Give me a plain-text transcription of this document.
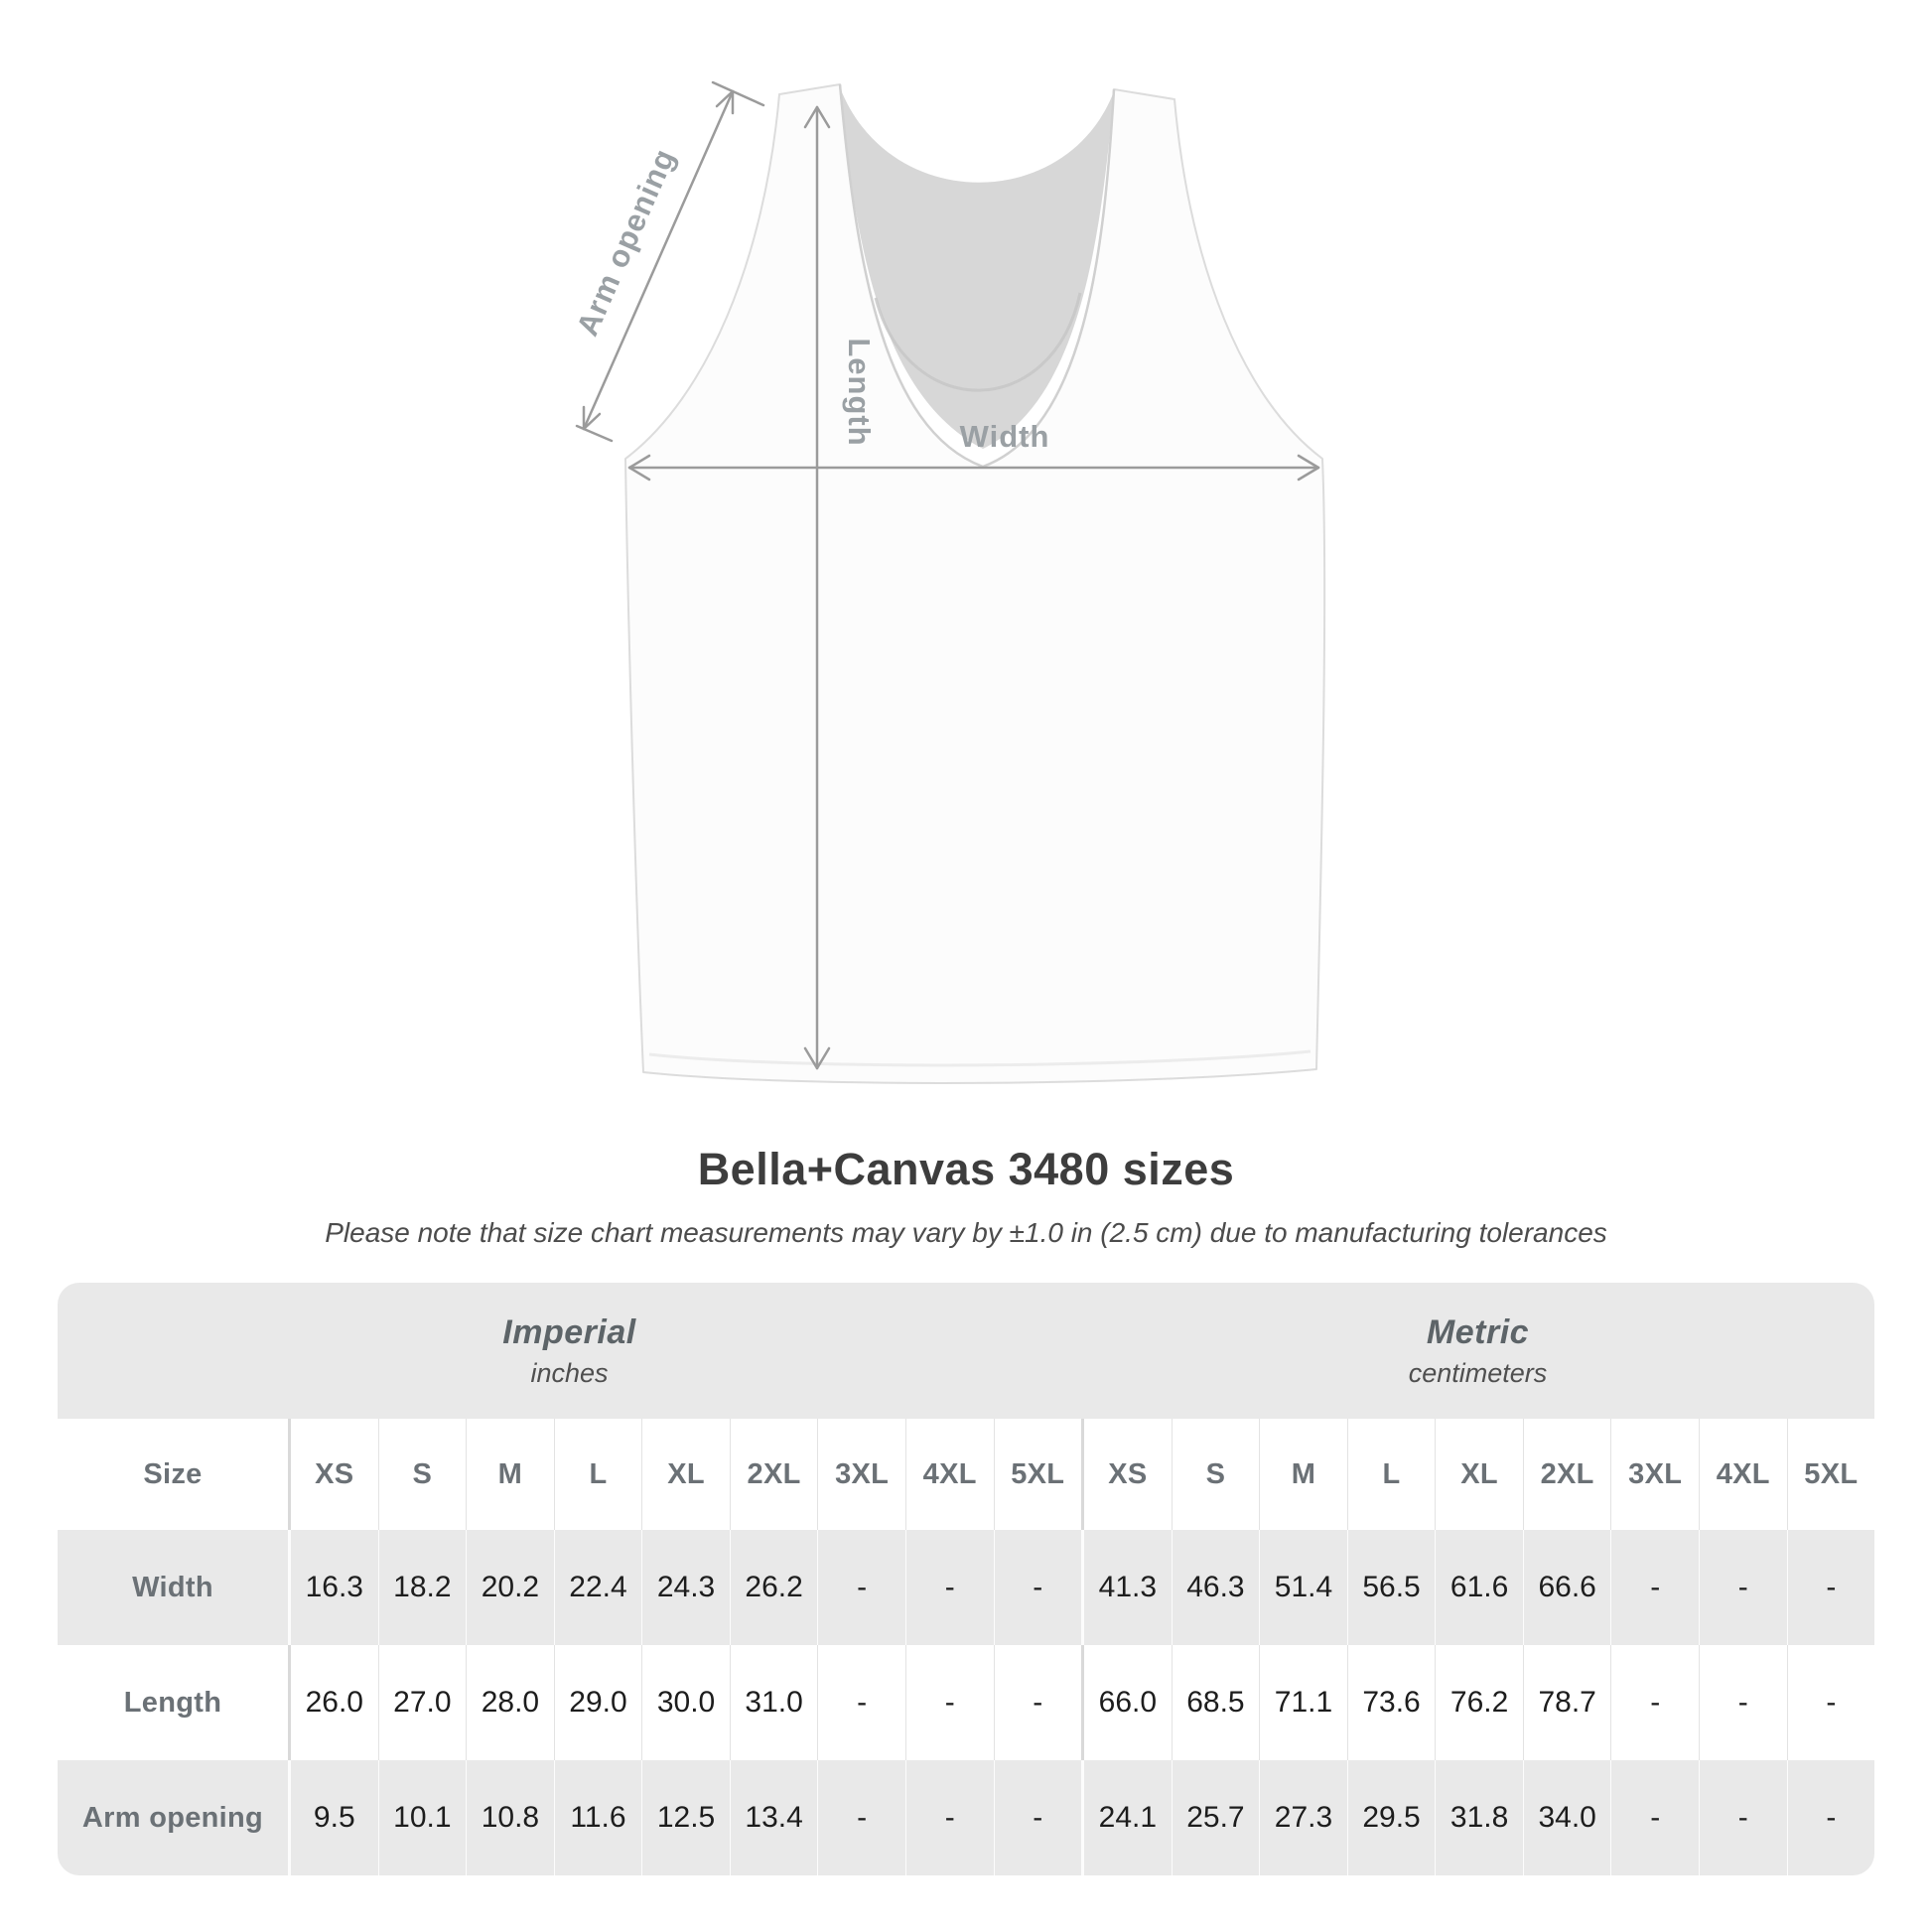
Arm opening
Length	Width
Bella+Canvas 3480 sizes
Please note that size chart measurements may vary by ±1.0 in (2.5 cm) due to manufacturing tolerances
Imperial
inches
Metric
centimeters
Size	XS	S	M	L	XL	2XL	3XL	4XL	5XL	XS	S	M	L	XL	2XL	3XL	4XL	5XL
Width	16.3	18.2	20.2	22.4	24.3	26.2	-	-	-	41.3	46.3	51.4	56.5	61.6	66.6	-	-	-
Length	26.0	27.0	28.0	29.0	30.0	31.0	-	-	-	66.0	68.5	71.1	73.6	76.2	78.7	-	-	-
Arm opening	9.5	10.1	10.8	11.6	12.5	13.4	-	-	-	24.1	25.7	27.3	29.5	31.8	34.0	-	-	-
